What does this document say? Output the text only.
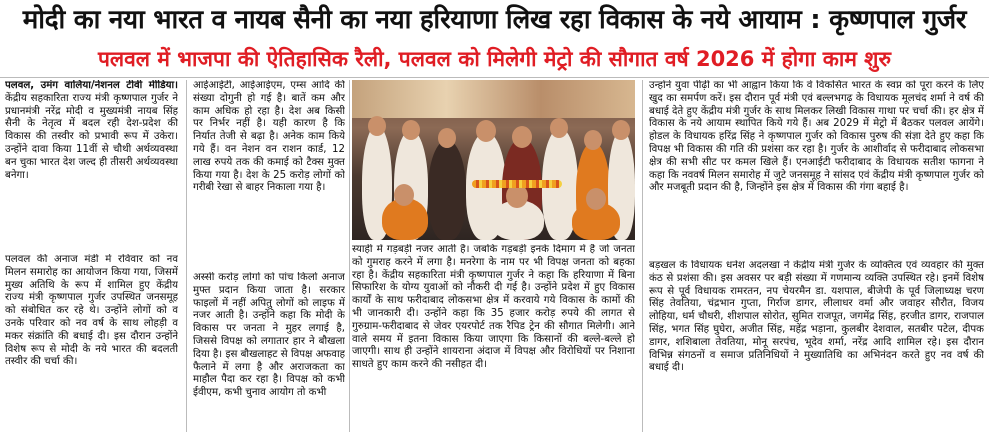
मोदी का नया भारत व नायब सैनी का नया हरियाणा लिख रहा विकास के नये आयाम : कृष्णपाल गुर्जर
पलवल में भाजपा की ऐतिहासिक रैली, पलवल को मिलेगी मेट्रो की सौगात वर्ष 2026 में होगा काम शुरु
पलवल, उमंग वालिया/नेशनल टीवी मीडिया। केंद्रीय सहकारिता राज्य मंत्री कृष्णपाल गुर्जर ने प्रधानमंत्री नरेंद्र मोदी व मुख्यमंत्री नायब सिंह सैनी के नेतृत्व में बदल रही देश-प्रदेश की विकास की तस्वीर को प्रभावी रूप में उकेरा। उन्होंने दावा किया 11वीं से चौथी अर्थव्यवस्था बन चुका भारत देश जल्द ही तीसरी अर्थव्यवस्था बनेगा।
पलवल की अनाज मंडी में रविवार को नव मिलन समारोह का आयोजन किया गया, जिसमें मुख्य अतिथि के रूप में शामिल हुए केंद्रीय राज्य मंत्री कृष्णपाल गुर्जर उपस्थित जनसमूह को संबोधित कर रहे थे। उन्होंने लोगों को व उनके परिवार को नव वर्ष के साथ लोहड़ी व मकर संक्रांति की बधाई दी। इस दौरान उन्होंने विशेष रूप से मोदी के नये भारत की बदलती तस्वीर की चर्चा की।
आईआईटी, आईआईएम, एम्स आदि की संख्या दोगुनी हो गई है। बातें कम और काम अधिक हो रहा है। देश अब किसी पर निर्भर नहीं है। यही कारण है कि निर्यात तेजी से बढ़ा है। अनेक काम किये गये हैं। वन नेशन वन राशन कार्ड, 12 लाख रुपये तक की कमाई को टैक्स मुक्त किया गया है। देश के 25 करोड़ लोगों को गरीबी रेखा से बाहर निकाला गया है।
अस्सी करोड़ लोगों को पांच किलो अनाज मुफ्त प्रदान किया जाता है। सरकार फाइलों में नहीं अपितु लोगों को लाइफ में नजर आती है। उन्होंने कहा कि मोदी के विकास पर जनता ने मुहर लगाई है, जिससे विपक्ष को लगातार हार ने बौखला दिया है। इस बौखलाहट से विपक्ष अफवाह फैलाने में लगा है और अराजकता का माहौल पैदा कर रहा है। विपक्ष को कभी ईवीएम, कभी चुनाव आयोग तो कभी
स्याही में गड़बड़ी नजर आती है। जबकि गड़बड़ी इनके दिमाग में है जो जनता को गुमराह करने में लगा है। मनरेगा के नाम पर भी विपक्ष जनता को बहका रहा है। केंद्रीय सहकारिता मंत्री कृष्णपाल गुर्जर ने कहा कि हरियाणा में बिना सिफारिश के योग्य युवाओं को नौकरी दी गई है। उन्होंने प्रदेश में हुए विकास कार्यों के साथ फरीदाबाद लोकसभा क्षेत्र में करवाये गये विकास के कामों की भी जानकारी दी। उन्होंने कहा कि 35 हजार करोड़ रुपये की लागत से गुरुग्राम-फरीदाबाद से जेवर एयरपोर्ट तक रैपिड ट्रेन की सौगात मिलेगी। आने वाले समय में इतना विकास किया जाएगा कि किसानों की बल्ले-बल्ले हो जाएगी। साथ ही उन्होंने शायराना अंदाज में विपक्ष और विरोधियों पर निशाना साधते हुए काम करने की नसीहत दी।
उन्होंने युवा पीढ़ी का भी आह्वान किया कि वे विकसित भारत के स्वप्न को पूरा करने के लिए खुद का समर्पण करें। इस दौरान पूर्व मंत्री एवं बल्लभगढ़ के विधायक मूलचंद शर्मा ने वर्ष की बधाई देते हुए केंद्रीय मंत्री गुर्जर के साथ मिलकर लिखी विकास गाथा पर चर्चा की। हर क्षेत्र में विकास के नये आयाम स्थापित किये गये हैं। अब 2029 में मेट्रो में बैठकर पलवल आयेंगे। होडल के विधायक हरिंद्र सिंह ने कृष्णपाल गुर्जर को विकास पुरुष की संज्ञा देते हुए कहा कि विपक्ष भी विकास की गति की प्रशंसा कर रहा है। गुर्जर के आशीर्वाद से फरीदाबाद लोकसभा क्षेत्र की सभी सीट पर कमल खिले हैं। एनआईटी फरीदाबाद के विधायक सतीश फागना ने कहा कि नववर्ष मिलन समारोह में जुटे जनसमूह ने सांसद एवं केंद्रीय मंत्री कृष्णपाल गुर्जर को और मजबूती प्रदान की है, जिन्होंने इस क्षेत्र में विकास की गंगा बहाई है।
बड़खल के विधायक धनेश अदलखा ने केंद्रीय मंत्री गुर्जर के व्यक्तित्व एवं व्यवहार की मुक्त कंठ से प्रशंसा की। इस अवसर पर बड़ी संख्या में गणमान्य व्यक्ति उपस्थित रहे। इनमें विशेष रूप से पूर्व विधायक रामरतन, नप चेयरमैन डा. यशपाल, बीजेपी के पूर्व जिलाध्यक्ष चरण सिंह तेवतिया, चंद्रभान गुप्ता, गिर्राज डागर, लीलाधर वर्मा और जवाहर सौरौत, विजय लोहिया, धर्म चौधरी, शीशपाल सोरोत, सुमित राजपूत, जगमेंद्र सिंह, हरजीत डागर, राजपाल सिंह, भगत सिंह घुघेरा, अजीत सिंह, महेंद्र भड़ाना, कुलबीर देशवाल, सतबीर पटेल, दीपक डागर, शशिबाला तेवतिया, मोनू सरपंच, भूदेव शर्मा, नरेंद्र आदि शामिल रहे। इस दौरान विभिन्न संगठनों व समाज प्रतिनिधियों ने मुख्यातिथि का अभिनंदन करते हुए नव वर्ष की बधाई दी।
